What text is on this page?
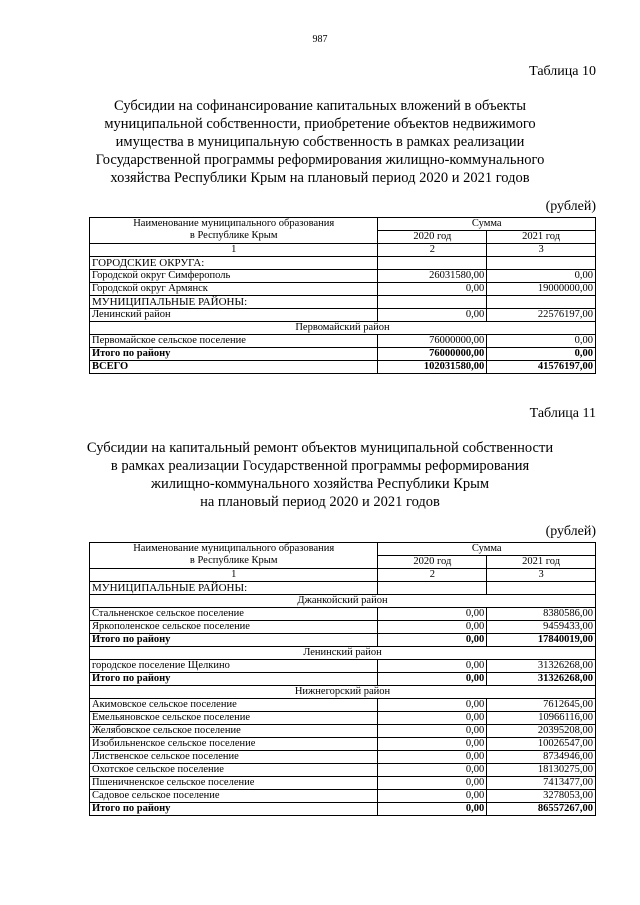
987
Таблица 10
Субсидии на софинансирование капитальных вложений в объекты
муниципальной собственности, приобретение объектов недвижимого
имущества в муниципальную собственность в рамках реализации
Государственной программы реформирования жилищно-коммунального
хозяйства Республики Крым на плановый период 2020 и 2021 годов
(рублей)
Наименование муниципального образования
в Республике Крым	Сумма	
	2020 год	2021 год
1	2	3
ГОРОДСКИЕ ОКРУГА:		
Городской округ Симферополь	26031580,00	0,00
Городской округ Армянск	0,00	19000000,00
МУНИЦИПАЛЬНЫЕ РАЙОНЫ:		
Ленинский район	0,00	22576197,00
Первомайский район		
Первомайское сельское поселение	76000000,00	0,00
Итого по району	76000000,00	0,00
ВСЕГО	102031580,00	41576197,00
Таблица 11
Субсидии на капитальный ремонт объектов муниципальной собственности
в рамках реализации Государственной программы реформирования
жилищно-коммунального хозяйства Республики Крым
на плановый период 2020 и 2021 годов
(рублей)
Наименование муниципального образования
в Республике Крым	Сумма	
	2020 год	2021 год
1	2	3
МУНИЦИПАЛЬНЫЕ РАЙОНЫ:		
Джанкойский район		
Стальненское сельское поселение	0,00	8380586,00
Яркополенское сельское поселение	0,00	9459433,00
Итого по району	0,00	17840019,00
Ленинский район		
городское поселение Щелкино	0,00	31326268,00
Итого по району	0,00	31326268,00
Нижнегорский район		
Акимовское сельское поселение	0,00	7612645,00
Емельяновское сельское поселение	0,00	10966116,00
Желябовское сельское поселение	0,00	20395208,00
Изобильненское сельское поселение	0,00	10026547,00
Лиственское сельское поселение	0,00	8734946,00
Охотское сельское поселение	0,00	18130275,00
Пшеничненское сельское поселение	0,00	7413477,00
Садовое сельское поселение	0,00	3278053,00
Итого по району	0,00	86557267,00
